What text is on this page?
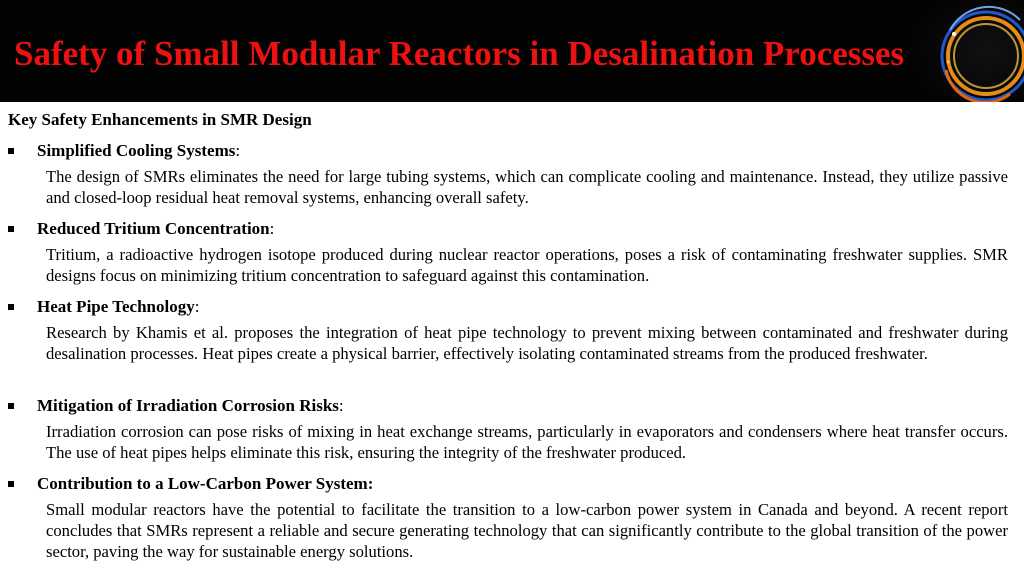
Safety of Small Modular Reactors in Desalination Processes
Key Safety Enhancements in SMR Design
Simplified Cooling Systems:

The design of SMRs eliminates the need for large tubing systems, which can complicate cooling and maintenance. Instead, they utilize passive and closed-loop residual heat removal systems, enhancing overall safety.

Reduced Tritium Concentration:

Tritium, a radioactive hydrogen isotope produced during nuclear reactor operations, poses a risk of contaminating freshwater supplies. SMR designs focus on minimizing tritium concentration to safeguard against this contamination.

Heat Pipe Technology:

Research by Khamis et al. proposes the integration of heat pipe technology to prevent mixing between contaminated and freshwater during desalination processes. Heat pipes create a physical barrier, effectively isolating contaminated streams from the produced freshwater.

Mitigation of Irradiation Corrosion Risks:

Irradiation corrosion can pose risks of mixing in heat exchange streams, particularly in evaporators and condensers where heat transfer occurs. The use of heat pipes helps eliminate this risk, ensuring the integrity of the freshwater produced.

Contribution to a Low-Carbon Power System:

Small modular reactors have the potential to facilitate the transition to a low-carbon power system in Canada and beyond. A recent report concludes that SMRs represent a reliable and secure generating technology that can significantly contribute to the global transition of the power sector, paving the way for sustainable energy solutions.
